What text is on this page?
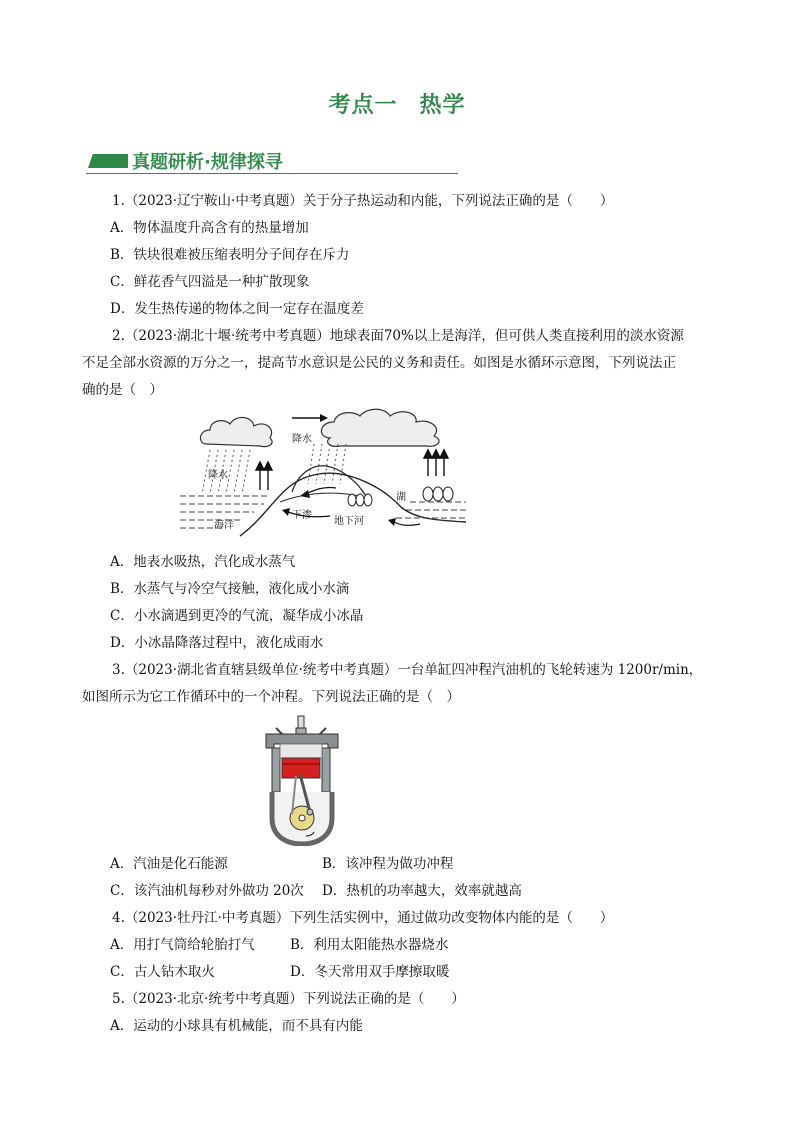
考点一 热学
真题研析·规律探寻
1.（2023·辽宁鞍山·中考真题）关于分子热运动和内能，下列说法正确的是（　　）
A．物体温度升高含有的热量增加
B．铁块很难被压缩表明分子间存在斥力
C．鲜花香气四溢是一种扩散现象
D．发生热传递的物体之间一定存在温度差
2.（2023·湖北十堰·统考中考真题）地球表面70%以上是海洋，但可供人类直接利用的淡水资源
不足全部水资源的万分之一，提高节水意识是公民的义务和责任。如图是水循环示意图，下列说法正
确的是（　）
降水
降水
海洋
下渗
地下河
湖
A．地表水吸热，汽化成水蒸气
B．水蒸气与冷空气接触，液化成小水滴
C．小水滴遇到更冷的气流，凝华成小冰晶
D．小冰晶降落过程中，液化成雨水
3.（2023·湖北省直辖县级单位·统考中考真题）一台单缸四冲程汽油机的飞轮转速为 1200r/min，
如图所示为它工作循环中的一个冲程。下列说法正确的是（　）
A．汽油是化石能源	B．该冲程为做功冲程
C．该汽油机每秒对外做功 20次 D．热机的功率越大，效率就越高
4.（2023·牡丹江·中考真题）下列生活实例中，通过做功改变物体内能的是（　　）
A．用打气筒给轮胎打气	B．利用太阳能热水器烧水
C．古人钻木取火	D．冬天常用双手摩擦取暖
5.（2023·北京·统考中考真题）下列说法正确的是（　　）
A．运动的小球具有机械能，而不具有内能
